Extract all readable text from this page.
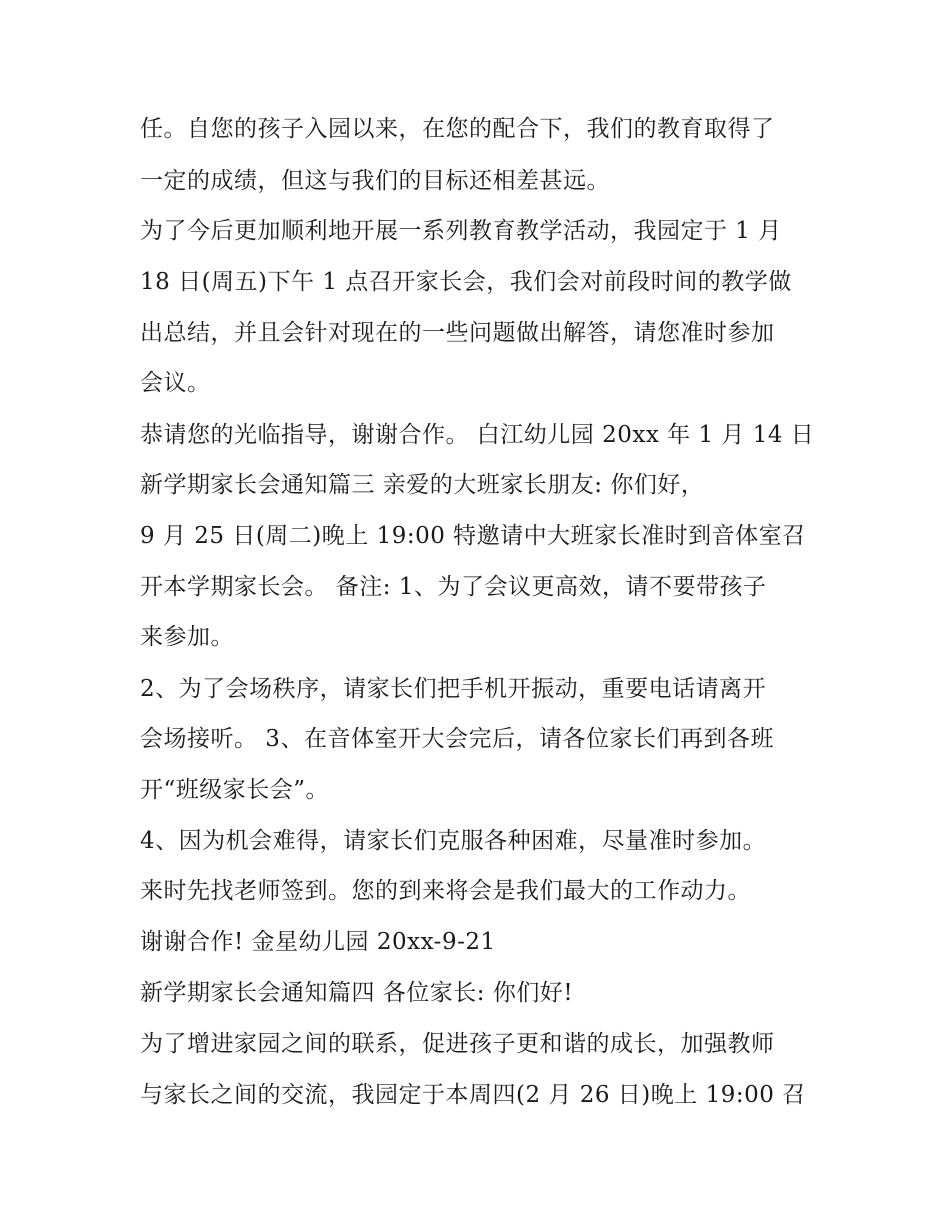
任。自您的孩子入园以来，在您的配合下，我们的教育取得了
一定的成绩，但这与我们的目标还相差甚远。
为了今后更加顺利地开展一系列教育教学活动，我园定于 1 月
18 日(周五)下午 1 点召开家长会，我们会对前段时间的教学做
出总结，并且会针对现在的一些问题做出解答，请您准时参加
会议。
恭请您的光临指导，谢谢合作。 白江幼儿园 20xx 年 1 月 14 日
新学期家长会通知篇三 亲爱的大班家长朋友: 你们好，
9 月 25 日(周二)晚上 19:00 特邀请中大班家长准时到音体室召
开本学期家长会。 备注: 1、为了会议更高效，请不要带孩子
来参加。
2、为了会场秩序，请家长们把手机开振动，重要电话请离开
会场接听。 3、在音体室开大会完后，请各位家长们再到各班
开“班级家长会”。
4、因为机会难得，请家长们克服各种困难，尽量准时参加。
来时先找老师签到。您的到来将会是我们最大的工作动力。
谢谢合作! 金星幼儿园 20xx-9-21
新学期家长会通知篇四 各位家长: 你们好!
为了增进家园之间的联系，促进孩子更和谐的成长，加强教师
与家长之间的交流，我园定于本周四(2 月 26 日)晚上 19:00 召
